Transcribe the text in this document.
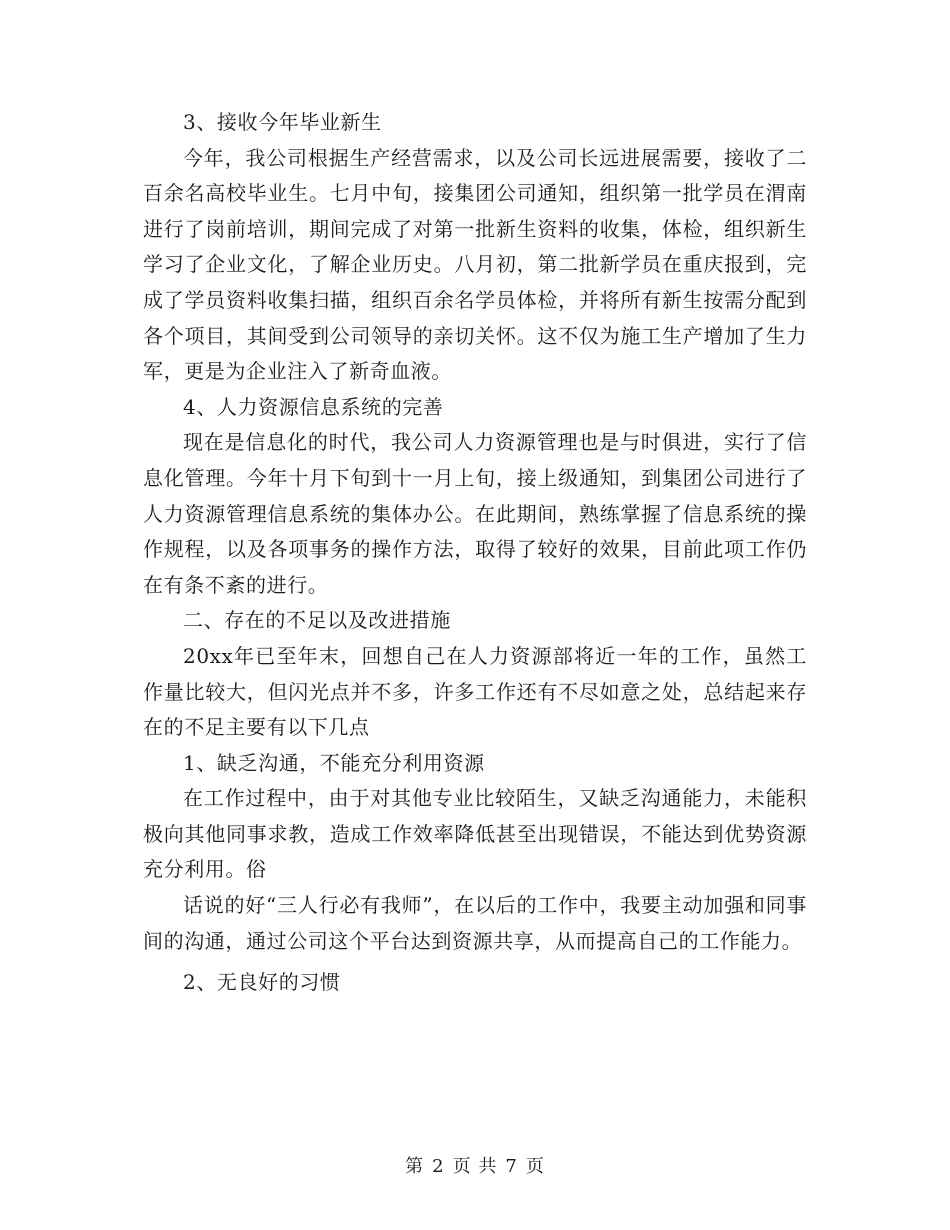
3、接收今年毕业新生

今年，我公司根据生产经营需求，以及公司长远进展需要，接收了二百余名高校毕业生。七月中旬，接集团公司通知，组织第一批学员在渭南进行了岗前培训，期间完成了对第一批新生资料的收集，体检，组织新生学习了企业文化，了解企业历史。八月初，第二批新学员在重庆报到，完成了学员资料收集扫描，组织百余名学员体检，并将所有新生按需分配到各个项目，其间受到公司领导的亲切关怀。这不仅为施工生产增加了生力军，更是为企业注入了新奇血液。

4、人力资源信息系统的完善

现在是信息化的时代，我公司人力资源管理也是与时俱进，实行了信息化管理。今年十月下旬到十一月上旬，接上级通知，到集团公司进行了人力资源管理信息系统的集体办公。在此期间，熟练掌握了信息系统的操作规程，以及各项事务的操作方法，取得了较好的效果，目前此项工作仍在有条不紊的进行。

二、存在的不足以及改进措施

20xx年已至年末，回想自己在人力资源部将近一年的工作，虽然工作量比较大，但闪光点并不多，许多工作还有不尽如意之处，总结起来存在的不足主要有以下几点

1、缺乏沟通，不能充分利用资源

在工作过程中，由于对其他专业比较陌生，又缺乏沟通能力，未能积极向其他同事求教，造成工作效率降低甚至出现错误，不能达到优势资源充分利用。俗

话说的好“三人行必有我师”，在以后的工作中，我要主动加强和同事间的沟通，通过公司这个平台达到资源共享，从而提高自己的工作能力。

2、无良好的习惯

第 2 页 共 7 页
